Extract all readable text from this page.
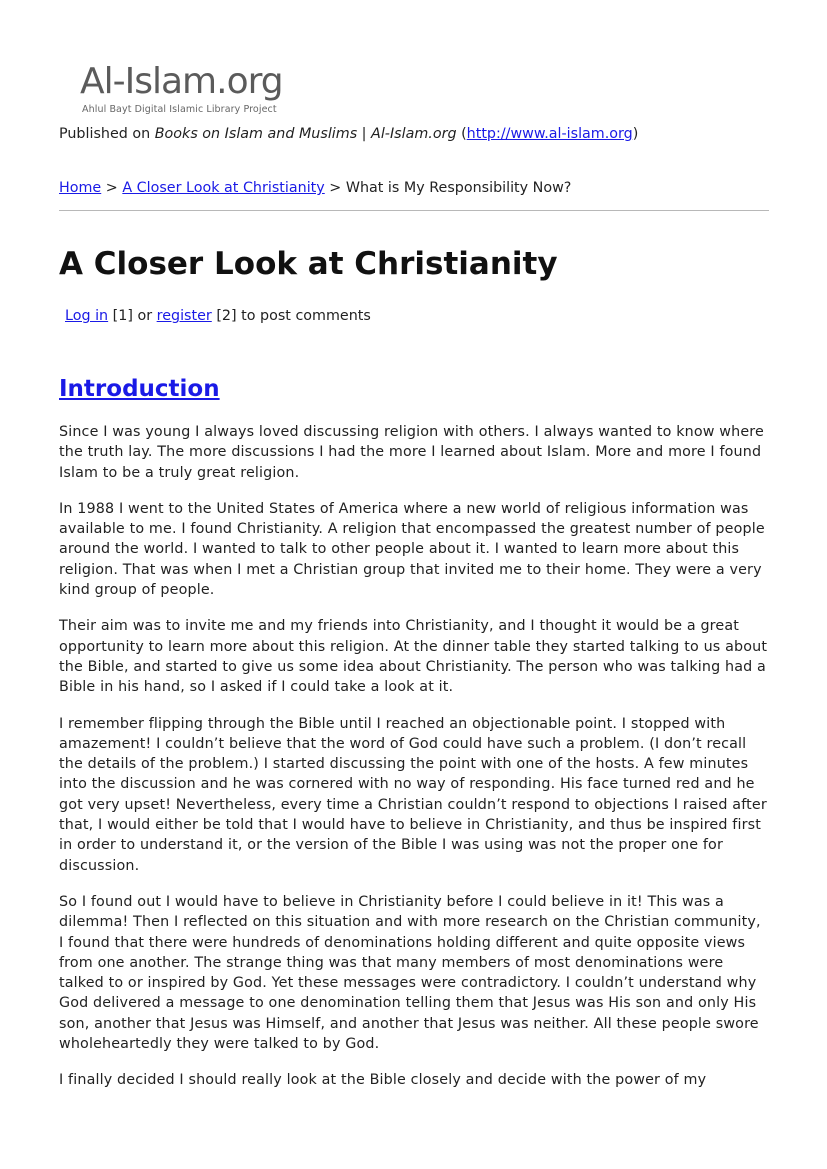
Al-Islam.org
Ahlul Bayt Digital Islamic Library Project
Published on Books on Islam and Muslims | Al-Islam.org (http://www.al-islam.org)
Home > A Closer Look at Christianity > What is My Responsibility Now?
A Closer Look at Christianity
Log in [1] or register [2] to post comments
Introduction

Since I was young I always loved discussing religion with others. I always wanted to know where the truth lay. The more discussions I had the more I learned about Islam. More and more I found Islam to be a truly great religion.

In 1988 I went to the United States of America where a new world of religious information was available to me. I found Christianity. A religion that encompassed the greatest number of people around the world. I wanted to talk to other people about it. I wanted to learn more about this religion. That was when I met a Christian group that invited me to their home. They were a very kind group of people.

Their aim was to invite me and my friends into Christianity, and I thought it would be a great opportunity to learn more about this religion. At the dinner table they started talking to us about the Bible, and started to give us some idea about Christianity. The person who was talking had a Bible in his hand, so I asked if I could take a look at it.

I remember flipping through the Bible until I reached an objectionable point. I stopped with amazement! I couldn’t believe that the word of God could have such a problem. (I don’t recall the details of the problem.) I started discussing the point with one of the hosts. A few minutes into the discussion and he was cornered with no way of responding. His face turned red and he got very upset! Nevertheless, every time a Christian couldn’t respond to objections I raised after that, I would either be told that I would have to believe in Christianity, and thus be inspired first in order to understand it, or the version of the Bible I was using was not the proper one for discussion.

So I found out I would have to believe in Christianity before I could believe in it! This was a dilemma! Then I reflected on this situation and with more research on the Christian community, I found that there were hundreds of denominations holding different and quite opposite views from one another. The strange thing was that many members of most denominations were talked to or inspired by God. Yet these messages were contradictory. I couldn’t understand why God delivered a message to one denomination telling them that Jesus was His son and only His son, another that Jesus was Himself, and another that Jesus was neither. All these people swore wholeheartedly they were talked to by God.

I finally decided I should really look at the Bible closely and decide with the power of my
